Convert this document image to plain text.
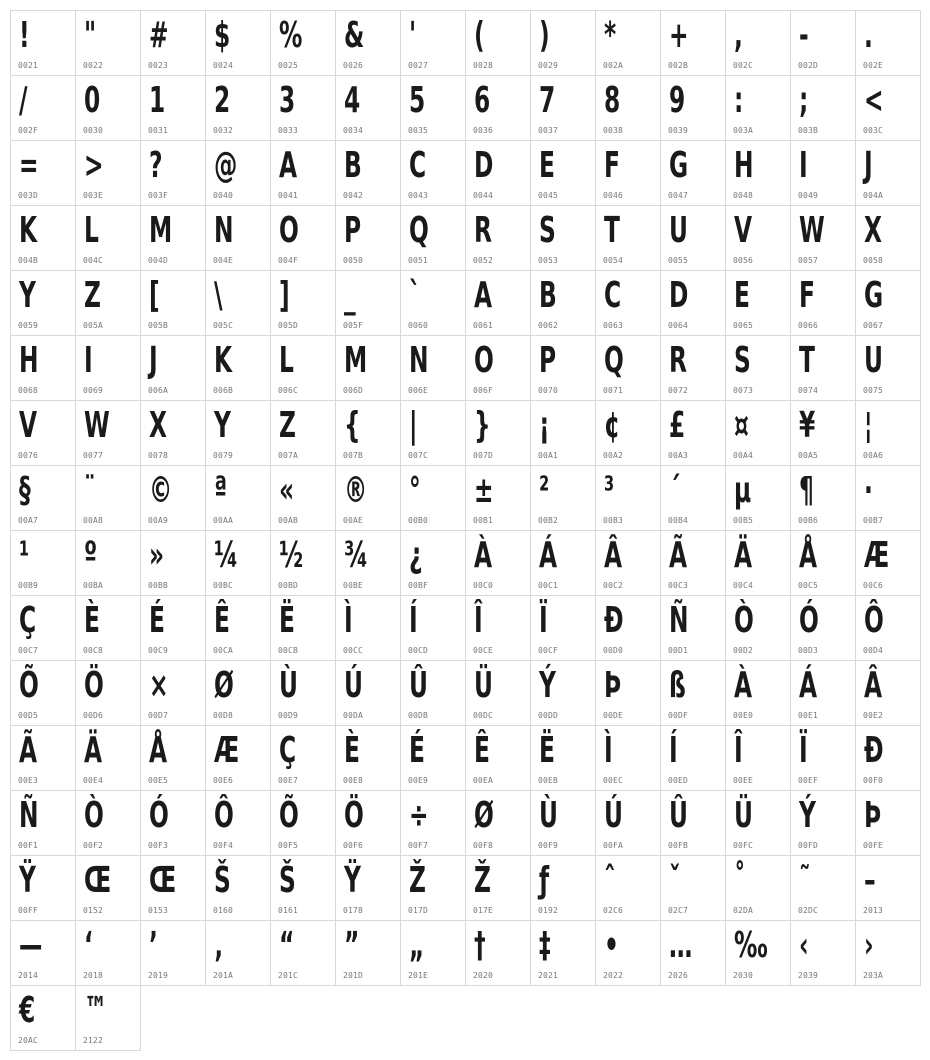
!
0021
"
0022
#
0023
$
0024
%
0025
&
0026
'
0027
(
0028
)
0029
*
002A
+
002B
,
002C
-
002D
.
002E
/
002F
0
0030
1
0031
2
0032
3
0033
4
0034
5
0035
6
0036
7
0037
8
0038
9
0039
:
003A
;
003B
<
003C
=
003D
>
003E
?
003F
@
0040
A
0041
B
0042
C
0043
D
0044
E
0045
F
0046
G
0047
H
0048
I
0049
J
004A
K
004B
L
004C
M
004D
N
004E
O
004F
P
0050
Q
0051
R
0052
S
0053
T
0054
U
0055
V
0056
W
0057
X
0058
Y
0059
Z
005A
[
005B
\
005C
]
005D
_
005F
`
0060
A
0061
B
0062
C
0063
D
0064
E
0065
F
0066
G
0067
H
0068
I
0069
J
006A
K
006B
L
006C
M
006D
N
006E
O
006F
P
0070
Q
0071
R
0072
S
0073
T
0074
U
0075
V
0076
W
0077
X
0078
Y
0079
Z
007A
{
007B
|
007C
}
007D
¡
00A1
¢
00A2
£
00A3
¤
00A4
¥
00A5
¦
00A6
§
00A7
¨
00A8
©
00A9
ª
00AA
«
00AB
®
00AE
°
00B0
±
00B1
²
00B2
³
00B3
´
00B4
µ
00B5
¶
00B6
·
00B7
¹
00B9
º
00BA
»
00BB
¼
00BC
½
00BD
¾
00BE
¿
00BF
À
00C0
Á
00C1
Â
00C2
Ã
00C3
Ä
00C4
Å
00C5
Æ
00C6
Ç
00C7
È
00C8
É
00C9
Ê
00CA
Ë
00CB
Ì
00CC
Í
00CD
Î
00CE
Ï
00CF
Đ
00D0
Ñ
00D1
Ò
00D2
Ó
00D3
Ô
00D4
Õ
00D5
Ö
00D6
×
00D7
Ø
00D8
Ù
00D9
Ú
00DA
Û
00DB
Ü
00DC
Ý
00DD
Þ
00DE
ß
00DF
À
00E0
Á
00E1
Â
00E2
Ã
00E3
Ä
00E4
Å
00E5
Æ
00E6
Ç
00E7
È
00E8
É
00E9
Ê
00EA
Ë
00EB
Ì
00EC
Í
00ED
Î
00EE
Ï
00EF
Đ
00F0
Ñ
00F1
Ò
00F2
Ó
00F3
Ô
00F4
Õ
00F5
Ö
00F6
÷
00F7
Ø
00F8
Ù
00F9
Ú
00FA
Û
00FB
Ü
00FC
Ý
00FD
Þ
00FE
Ÿ
00FF
Œ
0152
Œ
0153
Š
0160
Š
0161
Ÿ
0178
Ž
017D
Ž
017E
ƒ
0192
ˆ
02C6
ˇ
02C7
˚
02DA
˜
02DC
–
2013
—
2014
‘
2018
’
2019
‚
201A
“
201C
”
201D
„
201E
†
2020
‡
2021
•
2022
…
2026
‰
2030
‹
2039
›
203A
€
20AC
™
2122
